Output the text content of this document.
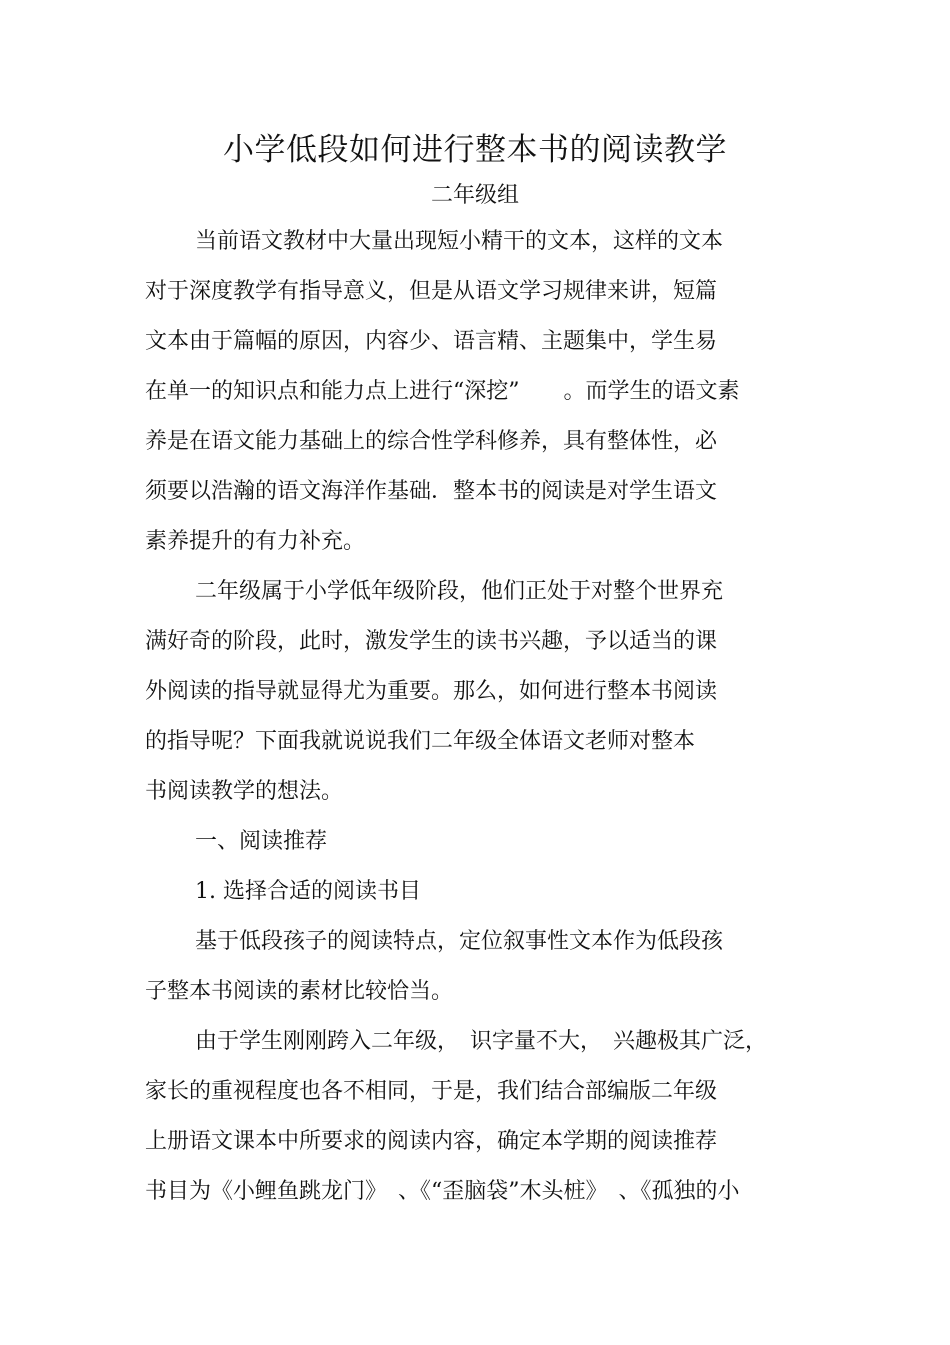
小学低段如何进行整本书的阅读教学
二年级组
当前语文教材中大量出现短小精干的文本，这样的文本
对于深度教学有指导意义，但是从语文学习规律来讲，短篇
文本由于篇幅的原因，内容少、语言精、主题集中，学生易
在单一的知识点和能力点上进行“深挖”　　。而学生的语文素
养是在语文能力基础上的综合性学科修养，具有整体性，必
须要以浩瀚的语文海洋作基础．整本书的阅读是对学生语文
素养提升的有力补充。
二年级属于小学低年级阶段，他们正处于对整个世界充
满好奇的阶段，此时，激发学生的读书兴趣，予以适当的课
外阅读的指导就显得尤为重要。那么，如何进行整本书阅读
的指导呢？下面我就说说我们二年级全体语文老师对整本
书阅读教学的想法。
一、阅读推荐
1. 选择合适的阅读书目
基于低段孩子的阅读特点，定位叙事性文本作为低段孩
子整本书阅读的素材比较恰当。
由于学生刚刚跨入二年级，　识字量不大，　兴趣极其广泛，
家长的重视程度也各不相同，于是，我们结合部编版二年级
上册语文课本中所要求的阅读内容，确定本学期的阅读推荐
书目为《小鲤鱼跳龙门》　、《“歪脑袋”木头桩》　、《孤独的小
